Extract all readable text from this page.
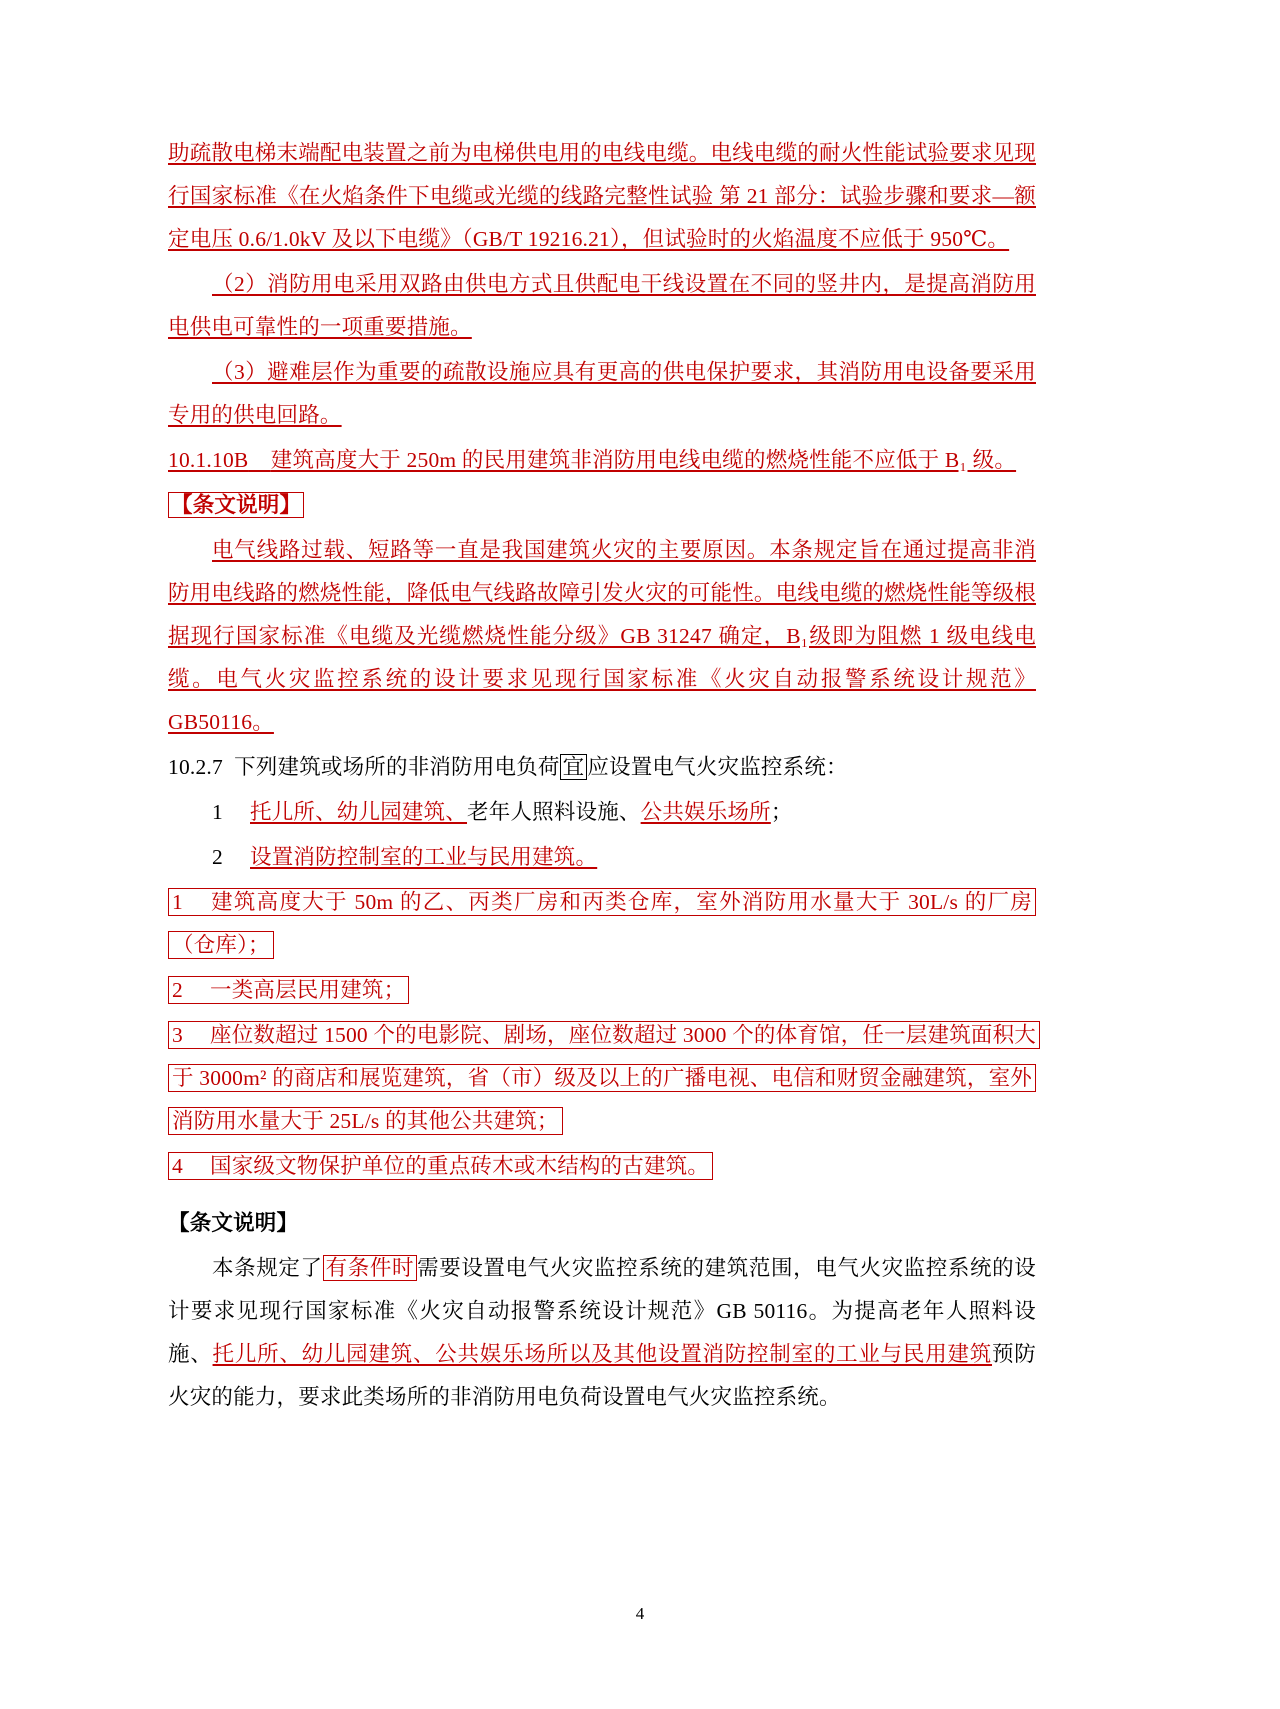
助疏散电梯末端配电装置之前为电梯供电用的电线电缆。电线电缆的耐火性能试验要求见现行国家标准《在火焰条件下电缆或光缆的线路完整性试验 第 21 部分：试验步骤和要求—额定电压 0.6/1.0kV 及以下电缆》（GB/T 19216.21），但试验时的火焰温度不应低于 950℃。

（2）消防用电采用双路由供电方式且供配电干线设置在不同的竖井内，是提高消防用电供电可靠性的一项重要措施。

（3）避难层作为重要的疏散设施应具有更高的供电保护要求，其消防用电设备要采用专用的供电回路。

10.1.10B 建筑高度大于 250m 的民用建筑非消防用电线电缆的燃烧性能不应低于 B₁ 级。

【条文说明】

电气线路过载、短路等一直是我国建筑火灾的主要原因。本条规定旨在通过提高非消防用电线路的燃烧性能，降低电气线路故障引发火灾的可能性。电线电缆的燃烧性能等级根据现行国家标准《电缆及光缆燃烧性能分级》GB 31247 确定，B₁级即为阻燃 1 级电线电缆。电气火灾监控系统的设计要求见现行国家标准《火灾自动报警系统设计规范》GB50116。

10.2.7 下列建筑或场所的非消防用电负荷 宜 应设置电气火灾监控系统：

1 托儿所、幼儿园建筑、老年人照料设施、公共娱乐场所；

2 设置消防控制室的工业与民用建筑。

1 建筑高度大于 50m 的乙、丙类厂房和丙类仓库，室外消防用水量大于 30L/s 的厂房（仓库）；

2 一类高层民用建筑；

3 座位数超过 1500 个的电影院、剧场，座位数超过 3000 个的体育馆，任一层建筑面积大于 3000m² 的商店和展览建筑，省（市）级及以上的广播电视、电信和财贸金融建筑，室外消防用水量大于 25L/s 的其他公共建筑；

4 国家级文物保护单位的重点砖木或木结构的古建筑。

【条文说明】

本条规定了 有条件时 需要设置电气火灾监控系统的建筑范围，电气火灾监控系统的设计要求见现行国家标准《火灾自动报警系统设计规范》GB 50116。为提高老年人照料设施、托儿所、幼儿园建筑、公共娱乐场所以及其他设置消防控制室的工业与民用建筑预防火灾的能力，要求此类场所的非消防用电负荷设置电气火灾监控系统。

4
